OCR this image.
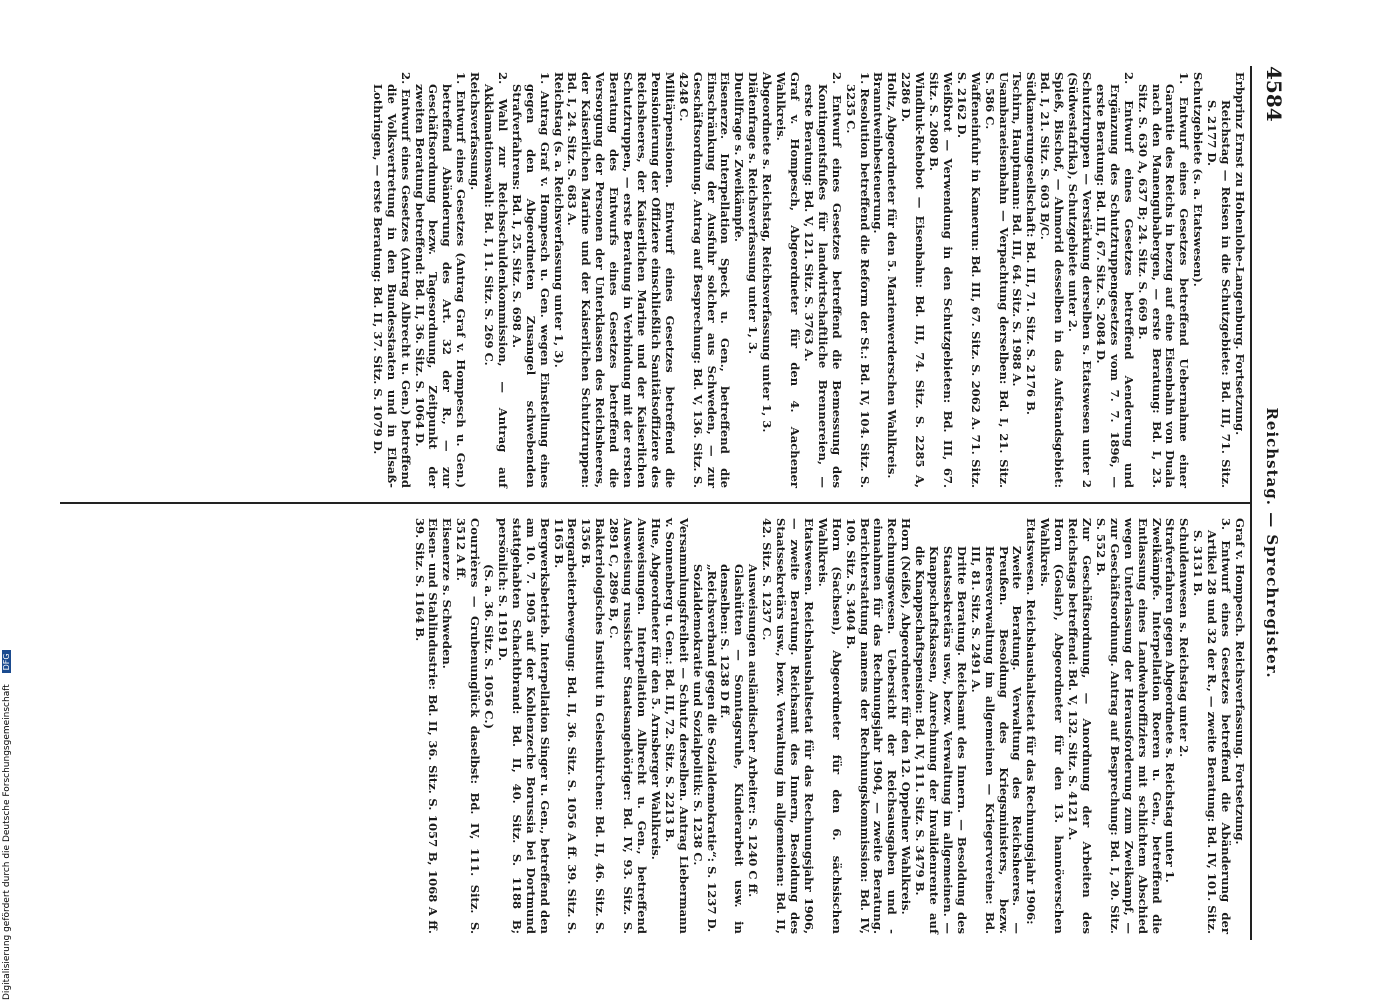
4584
Reichstag. — Sprechregister.

Erbprinz Ernst zu Hohenlohe-Langenburg. Fortsetzung.

Reichstag — Reisen in die Schutzgebiete: Bd. III, 71. Sitz. S. 2177 D.

Schutzgebiete (s. a. Etatswesen).

1. Entwurf eines Gesetzes betreffend Uebernahme einer Garantie des Reichs in bezug auf eine Eisenbahn von Duala nach den Manengubabergen, — erste Beratung: Bd. I, 23. Sitz. S. 630 A, 637 B; 24. Sitz. S. 669 B.

2. Entwurf eines Gesetzes betreffend Aenderung und Ergänzung des Schutztruppengesetzes vom 7. 7. 1896, — erste Beratung: Bd. III, 67. Sitz. S. 2084 D.

Schutztruppen — Verstärkung derselben s. Etatswesen unter 2 (Südwestafrika), Schutzgebiete unter 2.

Spieß, Bischof, — Ahmorid desselben in das Aufstandsgebiet: Bd. I, 21. Sitz. S. 603 B/C.

Südkamerungesellschaft: Bd. III, 71. Sitz. S. 2176 B.

Tschirn, Hauptmann: Bd. III, 64. Sitz. S. 1988 A.

Usambaraeisenbahn — Verpachtung derselben: Bd. I, 21. Sitz. S. 586 C.

Waffeneinfuhr in Kamerun: Bd. III, 67. Sitz. S. 2062 A. 71. Sitz. S. 2162 D.

Weißbrot — Verwendung in den Schutzgebieten: Bd. III, 67. Sitz. S. 2080 B.

Windhuk-Rehobot — Eisenbahn: Bd. III, 74. Sitz. S. 2285 A, 2286 D.

Holtz, Abgeordneter für den 5. Marienwerderschen Wahlkreis.

Branntweinbesteuerung.

1. Resolution betreffend die Reform der St.: Bd. IV, 104. Sitz. S. 3235 C.

2. Entwurf eines Gesetzes betreffend die Bemessung des Kontingentsfußes für landwirtschaftliche Brennereien, — erste Beratung: Bd. V, 121. Sitz. S. 3763 A.

Graf v. Hompesch, Abgeordneter für den 4. Aachener Wahlkreis.

Abgeordnete s. Reichstag, Reichsverfassung unter 1, 3.

Diätenfrage s. Reichsverfassung unter 1, 3.

Duellfrage s. Zweikämpfe.

Eisenerze. Interpellation Speck u. Gen., betreffend die Einschränkung der Ausfuhr solcher aus Schweden, — zur Geschäftsordnung. Antrag auf Besprechung: Bd. V, 136. Sitz. S. 4248 C.

Militärpensionen. Entwurf eines Gesetzes betreffend die Pensionierung der Offiziere einschließlich Sanitätsoffiziere des Reichsheeres, der Kaiserlichen Marine und der Kaiserlichen Schutztruppen, — erste Beratung in Verbindung mit der ersten Beratung des Entwurfs eines Gesetzes betreffend die Versorgung der Personen der Unterklassen des Reichsheeres, der Kaiserlichen Marine und der Kaiserlichen Schutztruppen: Bd. I, 24. Sitz. S. 683 A.

Reichstag (s. a. Reichsverfassung unter 1, 3).

1. Antrag Graf v. Hompesch u. Gen. wegen Einstellung eines gegen den Abgeordneten Zusangel schwebenden Strafverfahrens: Bd. I, 25. Sitz. S. 698 A.

2. Wahl zur Reichsschuldenkommission, — Antrag auf Akklamationswahl: Bd. I, 11. Sitz. S. 269 C.

Reichsverfassung.

1. Entwurf eines Gesetzes (Antrag Graf v. Hompesch u. Gen.) betreffend Abänderung des Art. 32 der R., — zur Geschäftsordnung bezw. Tagesordnung, Zeitpunkt der zweiten Beratung betreffend: Bd. II, 36. Sitz. S. 1064 D.

2. Entwurf eines Gesetzes (Antrag Albrecht u. Gen.) betreffend die Volksvertretung in den Bundesstaaten und in Elsaß-Lothringen, — erste Beratung: Bd. II, 37. Sitz. S. 1079 D.

Graf v. Hompesch. Reichsverfassung. Fortsetzung.

3. Entwurf eines Gesetzes betreffend die Abänderung der Artikel 28 und 32 der R., — zweite Beratung: Bd. IV, 101. Sitz. S. 3131 B.

Schuldenwesen s. Reichstag unter 2.

Strafverfahren gegen Abgeordnete s. Reichstag unter 1.

Zweikämpfe. Interpellation Roeren u. Gen., betreffend die Entlassung eines Landwehroffiziers mit schlichtem Abschied wegen Unterlassung der Herausforderung zum Zweikampf, — zur Geschäftsordnung. Antrag auf Besprechung: Bd. I, 20. Sitz. S. 552 B.

Zur Geschäftsordnung, — Anordnung der Arbeiten des Reichstags betreffend: Bd. V, 132. Sitz. S. 4121 A.

Horn (Goslar), Abgeordneter für den 13. hannöverschen Wahlkreis.

Etatswesen. Reichshaushaltsetat für das Rechnungsjahr 1906:

Zweite Beratung. Verwaltung des Reichsheeres. — Preußen. Besoldung des Kriegsministers, bezw. Heeresverwaltung im allgemeinen — Kriegervereine: Bd. III, 81. Sitz. S. 2491 A.

Dritte Beratung. Reichsamt des Innern. — Besoldung des Staatssekretärs usw., bezw. Verwaltung im allgemeinen. — Knappschaftskassen, Anrechnung der Invalidenrente auf die Knappschaftspension: Bd. IV, 111. Sitz. S. 3479 B.

Horn (Neiße), Abgeordneter für den 12. Oppelner Wahlkreis.

Rechnungswesen. Uebersicht der Reichsausgaben und -einnahmen für das Rechnungsjahr 1904, — zweite Beratung. Berichterstattung namens der Rechnungskommission: Bd. IV, 109. Sitz. S. 3404 B.

Horn (Sachsen), Abgeordneter für den 6. sächsischen Wahlkreis.

Etatswesen. Reichshaushaltsetat für das Rechnungsjahr 1906, — zweite Beratung. Reichsamt des Innern, Besoldung des Staatssekretärs usw., bezw. Verwaltung im allgemeinen: Bd. II, 42. Sitz. S. 1237 C.

Ausweisungen ausländischer Arbeiter: S. 1240 C ff.

Glashütten — Sonntagsruhe, Kinderarbeit usw. in denselben: S. 1238 D ff.

„Reichsverband gegen die Sozialdemokratie“: S. 1237 D.

Sozialdemokratie und Sozialpolitik: S. 1238 C.

Versammlungsfreiheit — Schutz derselben. Antrag Liebermann v. Sonnenberg u. Gen.: Bd. III, 72. Sitz. S. 2213 B.

Hue, Abgeordneter für den 5. Arnsberger Wahlkreis.

Ausweisungen. Interpellation Albrecht u. Gen., betreffend Ausweisung russischer Staatsangehöriger: Bd. IV, 93. Sitz. S. 2891 C, 2896 B, C.

Bakteriologisches Institut in Gelsenkirchen: Bd. II, 46. Sitz. S. 1356 B.

Bergarbeiterbewegung: Bd. II, 36. Sitz. S. 1056 A ff. 39. Sitz. S. 1165 B.

Bergwerksbetrieb. Interpellation Singer u. Gen., betreffend den am 10. 7. 1905 auf der Kohlenzeche Borussia bei Dortmund stattgehabten Schachtbrand: Bd. II, 40. Sitz. S. 1188 B; persönlich: S. 1191 D.

(S. a. 36. Sitz. S. 1056 C.)

Courrières — Grubenunglück daselbst: Bd. IV, 111. Sitz. S. 3512 A ff.

Eisenerze s. Schweden.

Eisen- und Stahlindustrie: Bd. II, 36. Sitz. S. 1057 B, 1068 A ff. 39. Sitz. S. 1164 B.

Digitalisierung gefördert durch die Deutsche Forschungsgemeinschaft DFG
